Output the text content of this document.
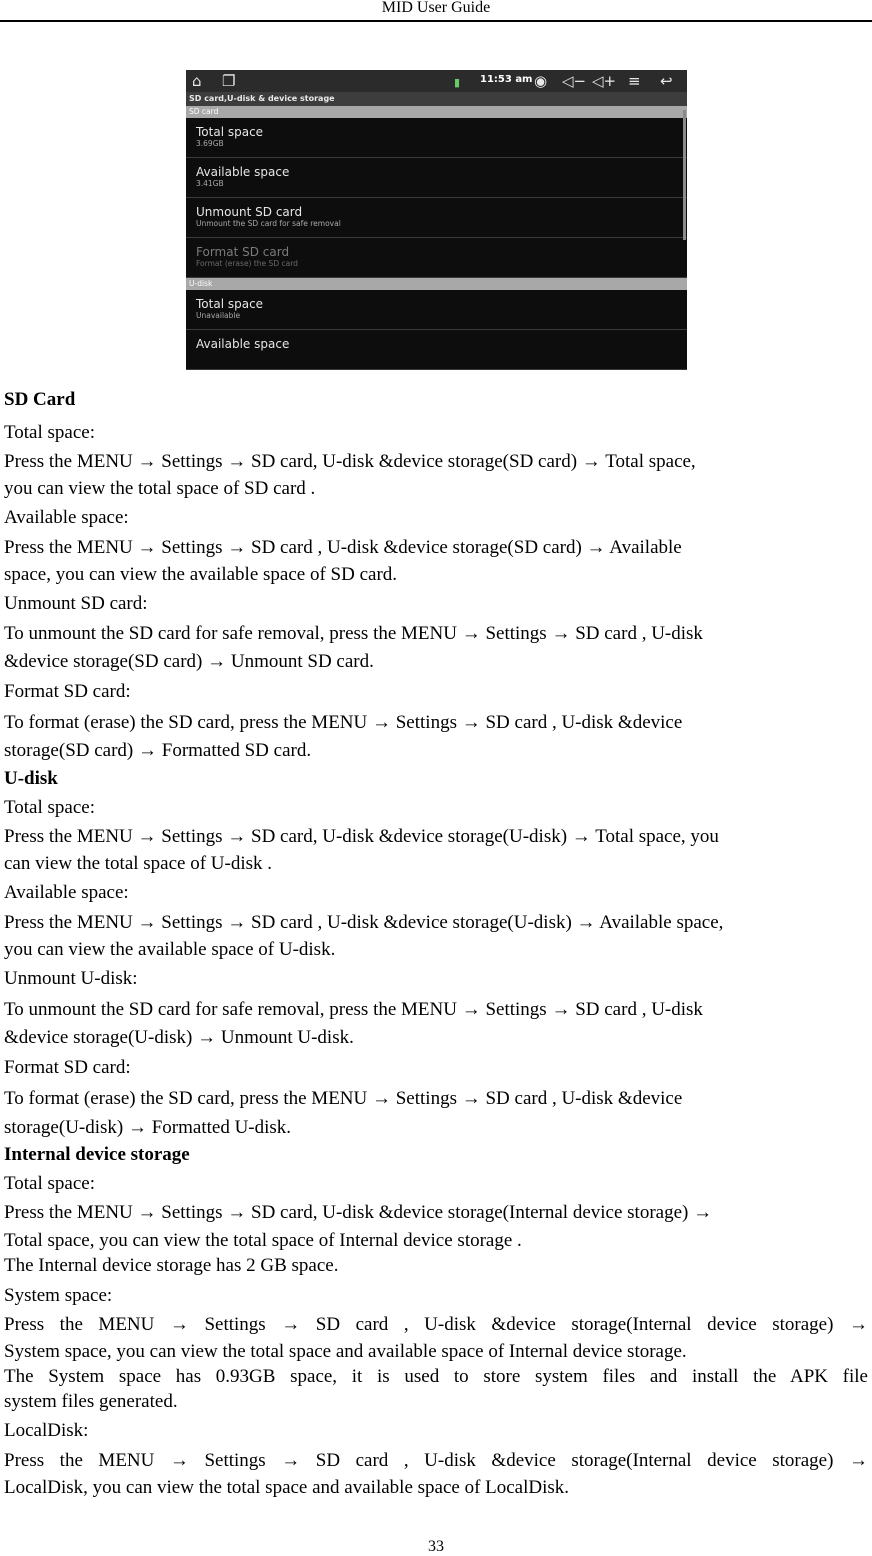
MID User Guide
⌂ ❐	▮ 11:53 am ◉ ◁− ◁+ ≡ ↩
SD card,U-disk & device storage
SD card
Total space
3.69GB
Available space
3.41GB
Unmount SD card
Unmount the SD card for safe removal
Format SD card
Format (erase) the SD card
U-disk
Total space
Unavailable
Available space
SD Card
Total space:
Press the MENU → Settings → SD card, U-disk &device storage(SD card) → Total space,
you can view the total space of SD card .
Available space:
Press the MENU → Settings → SD card , U-disk &device storage(SD card) → Available
space, you can view the available space of SD card.
Unmount SD card:
To unmount the SD card for safe removal, press the MENU → Settings → SD card , U-disk
&device storage(SD card) → Unmount SD card.
Format SD card:
To format (erase) the SD card, press the MENU → Settings → SD card , U-disk &device
storage(SD card) → Formatted SD card.
U-disk
Total space:
Press the MENU → Settings → SD card, U-disk &device storage(U-disk) → Total space, you
can view the total space of U-disk .
Available space:
Press the MENU → Settings → SD card , U-disk &device storage(U-disk) → Available space,
you can view the available space of U-disk.
Unmount U-disk:
To unmount the SD card for safe removal, press the MENU → Settings → SD card , U-disk
&device storage(U-disk) → Unmount U-disk.
Format SD card:
To format (erase) the SD card, press the MENU → Settings → SD card , U-disk &device
storage(U-disk) → Formatted U-disk.
Internal device storage
Total space:
Press the MENU → Settings → SD card, U-disk &device storage(Internal device storage) →
Total space, you can view the total space of Internal device storage .
The Internal device storage has 2 GB space.
System space:
Press the MENU → Settings → SD card , U-disk &device storage(Internal device storage) →
System space, you can view the total space and available space of Internal device storage.
The System space has 0.93GB space, it is used to store system files and install the APK file
system files generated.
LocalDisk:
Press the MENU → Settings → SD card , U-disk &device storage(Internal device storage) →
LocalDisk, you can view the total space and available space of LocalDisk.
33
